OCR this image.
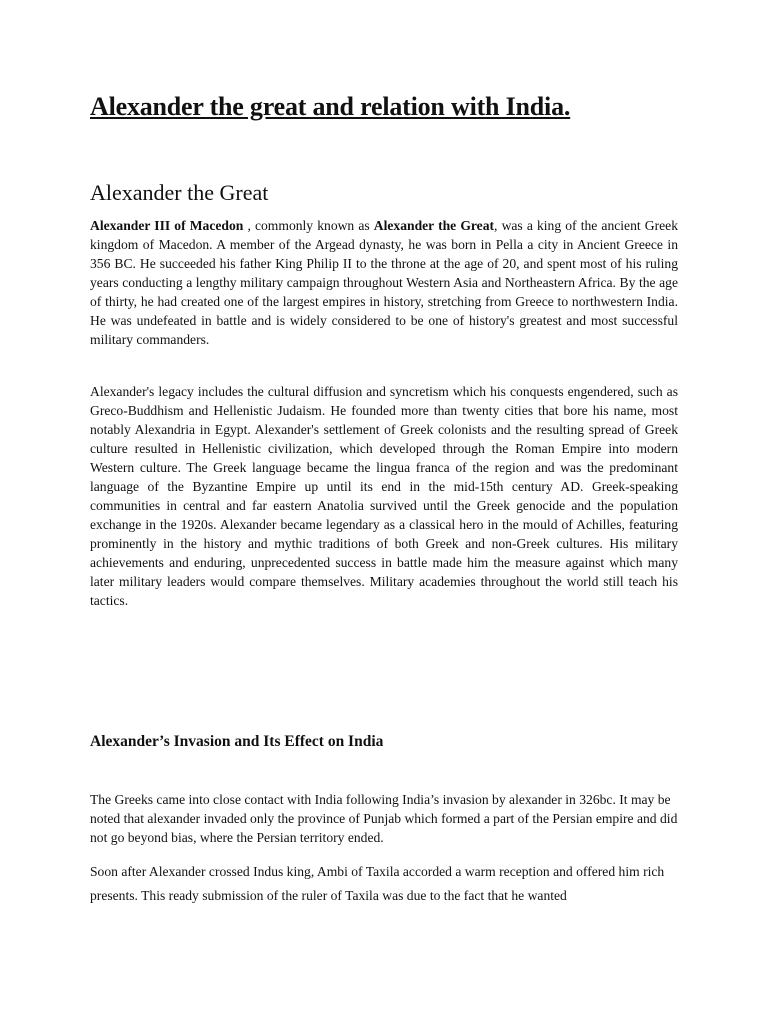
Alexander the great and relation with India.
Alexander the Great

Alexander III of Macedon , commonly known as Alexander the Great, was a king of the ancient Greek kingdom of Macedon. A member of the Argead dynasty, he was born in Pella a city in Ancient Greece in 356 BC. He succeeded his father King Philip II to the throne at the age of 20, and spent most of his ruling years conducting a lengthy military campaign throughout Western Asia and Northeastern Africa. By the age of thirty, he had created one of the largest empires in history, stretching from Greece to northwestern India. He was undefeated in battle and is widely considered to be one of history's greatest and most successful military commanders.

Alexander's legacy includes the cultural diffusion and syncretism which his conquests engendered, such as Greco-Buddhism and Hellenistic Judaism. He founded more than twenty cities that bore his name, most notably Alexandria in Egypt. Alexander's settlement of Greek colonists and the resulting spread of Greek culture resulted in Hellenistic civilization, which developed through the Roman Empire into modern Western culture. The Greek language became the lingua franca of the region and was the predominant language of the Byzantine Empire up until its end in the mid-15th century AD. Greek-speaking communities in central and far eastern Anatolia survived until the Greek genocide and the population exchange in the 1920s. Alexander became legendary as a classical hero in the mould of Achilles, featuring prominently in the history and mythic traditions of both Greek and non-Greek cultures. His military achievements and enduring, unprecedented success in battle made him the measure against which many later military leaders would compare themselves. Military academies throughout the world still teach his tactics.

Alexander’s Invasion and Its Effect on India

The Greeks came into close contact with India following India’s invasion by alexander in 326bc. It may be noted that alexander invaded only the province of Punjab which formed a part of the Persian empire and did not go beyond bias, where the Persian territory ended.

Soon after Alexander crossed Indus king, Ambi of Taxila accorded a warm reception and offered him rich presents. This ready submission of the ruler of Taxila was due to the fact that he wanted
